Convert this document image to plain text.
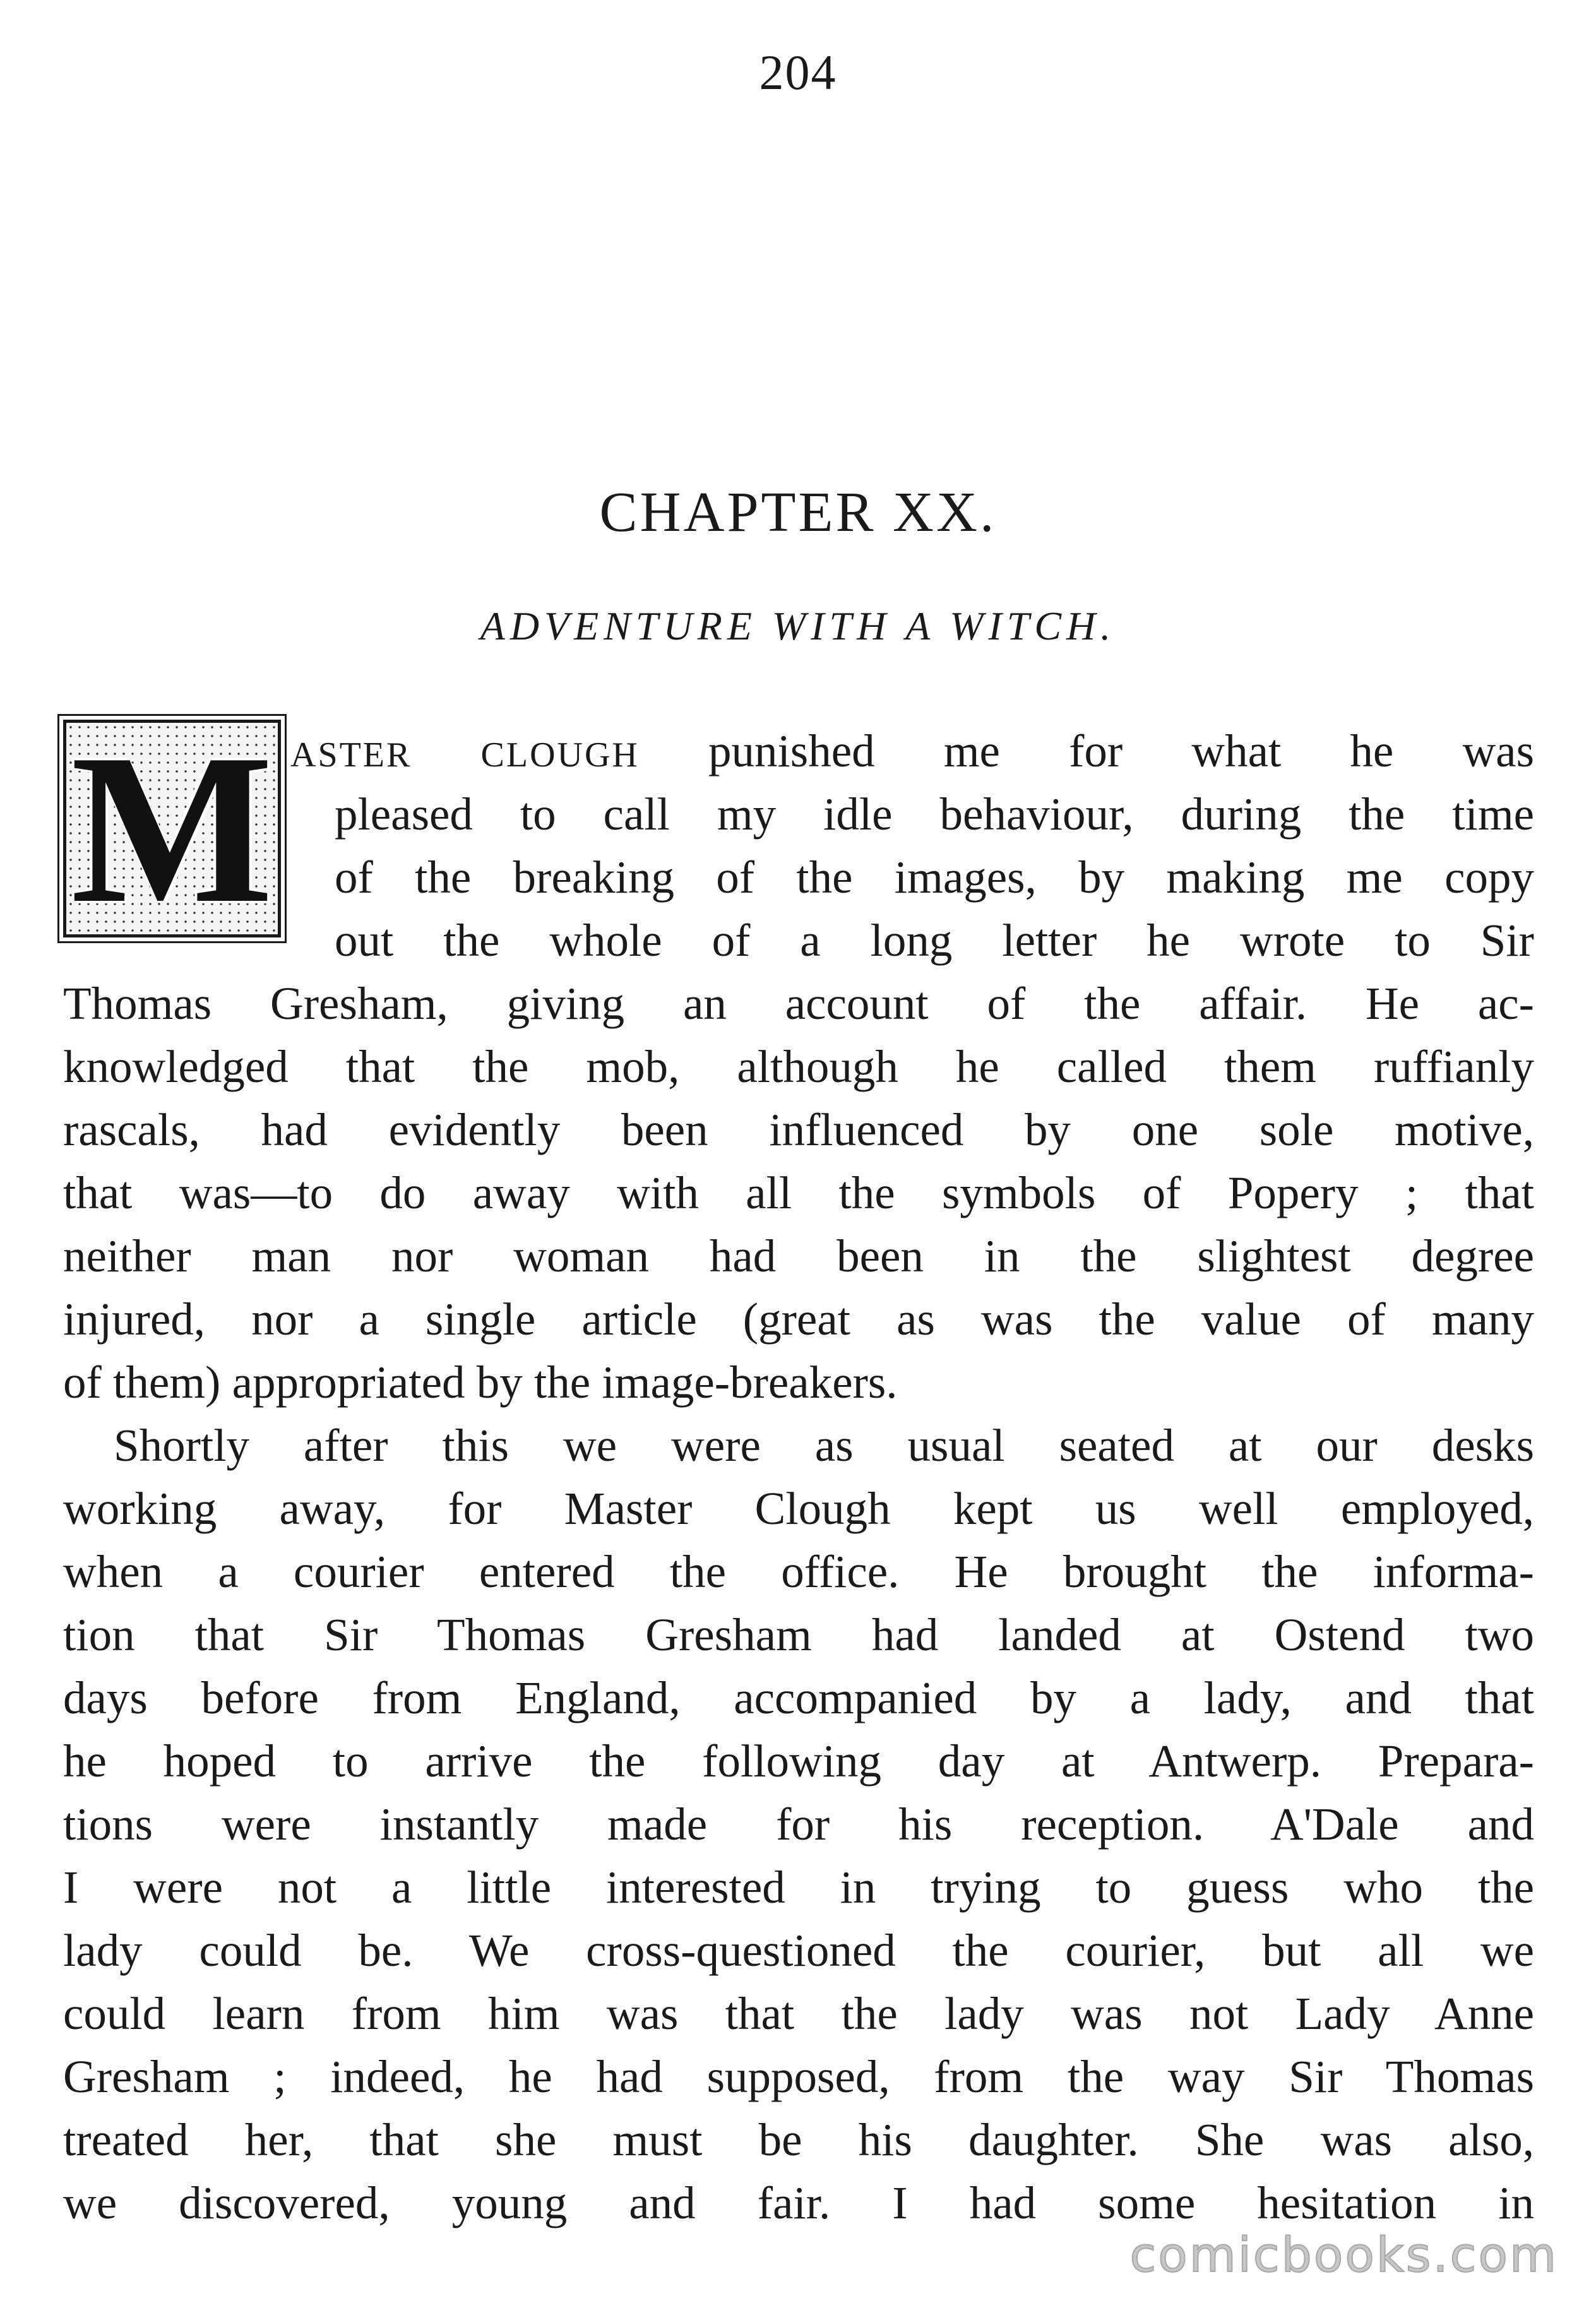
204
CHAPTER XX.
ADVENTURE WITH A WITCH.
M ASTER CLOUGH punished me for what he was
pleased to call my idle behaviour, during the time
of the breaking of the images, by making me copy
out the whole of a long letter he wrote to Sir
Thomas Gresham, giving an account of the affair. He ac-
knowledged that the mob, although he called them ruffianly
rascals, had evidently been influenced by one sole motive,
that was—to do away with all the symbols of Popery ; that
neither man nor woman had been in the slightest degree
injured, nor a single article (great as was the value of many
of them) appropriated by the image-breakers.
Shortly after this we were as usual seated at our desks
working away, for Master Clough kept us well employed,
when a courier entered the office. He brought the informa-
tion that Sir Thomas Gresham had landed at Ostend two
days before from England, accompanied by a lady, and that
he hoped to arrive the following day at Antwerp. Prepara-
tions were instantly made for his reception. A'Dale and
I were not a little interested in trying to guess who the
lady could be. We cross-questioned the courier, but all we
could learn from him was that the lady was not Lady Anne
Gresham ; indeed, he had supposed, from the way Sir Thomas
treated her, that she must be his daughter. She was also,
we discovered, young and fair. I had some hesitation in
comicbooks.com
